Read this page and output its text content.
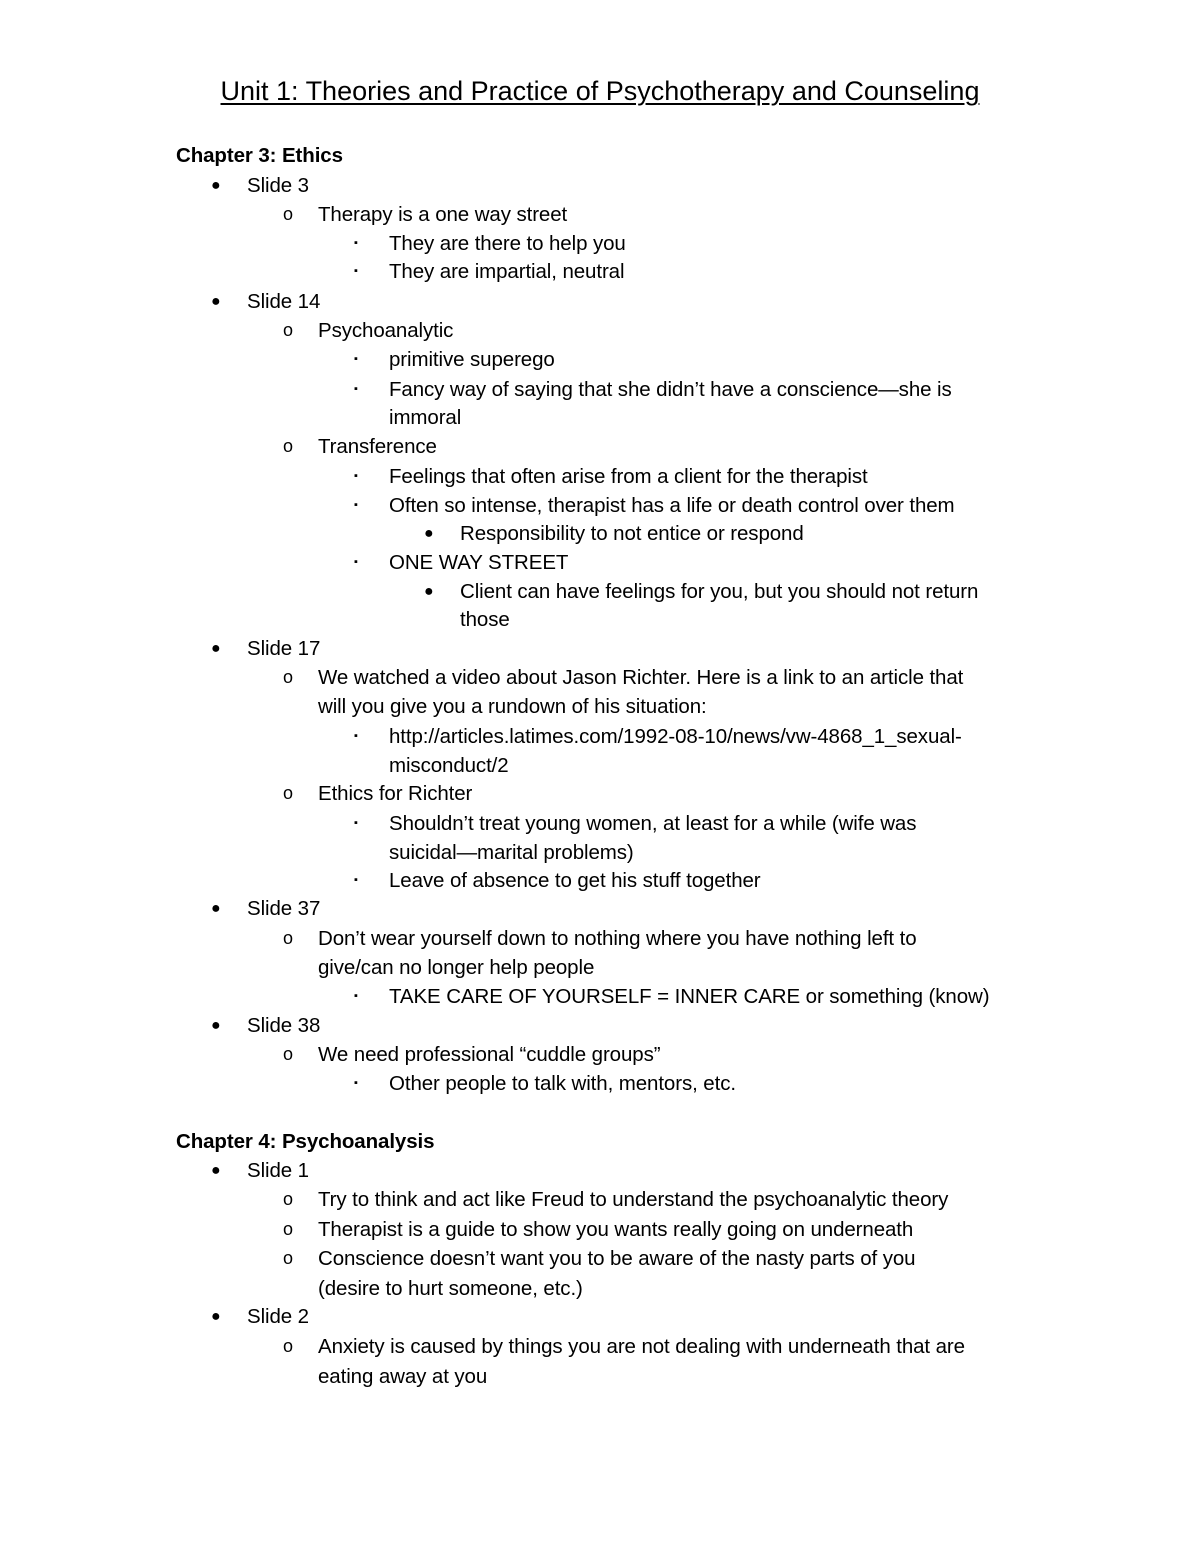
Unit 1: Theories and Practice of Psychotherapy and Counseling
Chapter 3: Ethics
Slide 3
●
Therapy is a one way street
o
They are there to help you
▪
They are impartial, neutral
▪
Slide 14
●
Psychoanalytic
o
primitive superego
▪
Fancy way of saying that she didn’t have a conscience—she is
▪
immoral
Transference
o
Feelings that often arise from a client for the therapist
▪
Often so intense, therapist has a life or death control over them
▪
Responsibility to not entice or respond
●
ONE WAY STREET
▪
Client can have feelings for you, but you should not return
●
those
Slide 17
●
We watched a video about Jason Richter. Here is a link to an article that
o
will you give you a rundown of his situation:
http://articles.latimes.com/1992-08-10/news/vw-4868_1_sexual-
▪
misconduct/2
Ethics for Richter
o
Shouldn’t treat young women, at least for a while (wife was
▪
suicidal—marital problems)
Leave of absence to get his stuff together
▪
Slide 37
●
Don’t wear yourself down to nothing where you have nothing left to
o
give/can no longer help people
TAKE CARE OF YOURSELF = INNER CARE or something (know)
▪
Slide 38
●
We need professional “cuddle groups”
o
Other people to talk with, mentors, etc.
▪
Chapter 4: Psychoanalysis
Slide 1
●
Try to think and act like Freud to understand the psychoanalytic theory
o
Therapist is a guide to show you wants really going on underneath
o
Conscience doesn’t want you to be aware of the nasty parts of you
o
(desire to hurt someone, etc.)
Slide 2
●
Anxiety is caused by things you are not dealing with underneath that are
o
eating away at you
